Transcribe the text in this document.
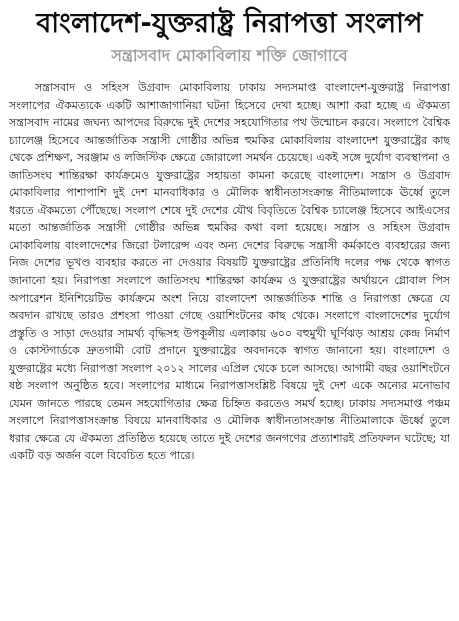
বাংলাদেশ-যুক্তরাষ্ট্র নিরাপত্তা সংলাপ
সন্ত্রাসবাদ মোকাবিলায় শক্তি জোগাবে

সন্ত্রাসবাদ ও সহিংস উগ্রবাদ মোকাবিলায় ঢাকায় সদ্যসমাপ্ত বাংলাদেশ-যুক্তরাষ্ট্র নিরাপত্তা সংলাপের ঐকমত্যকে একটি আশাজাগানিয়া ঘটনা হিসেবে দেখা হচ্ছে। আশা করা হচ্ছে এ ঐকমত্য সন্ত্রাসবাদ নামের জঘন্য আপদের বিরুদ্ধে দুই দেশের সহযোগিতার পথ উন্মোচন করবে। সংলাপে বৈশ্বিক চ্যালেঞ্জ হিসেবে আন্তর্জাতিক সন্ত্রাসী গোষ্ঠীর অভিন্ন হুমকির মোকাবিলায় বাংলাদেশ যুক্তরাষ্ট্রের কাছ থেকে প্রশিক্ষণ, সরঞ্জাম ও লজিস্টিক ক্ষেত্রে জোরালো সমর্থন চেয়েছে। একই সঙ্গে দুর্যোগ ব্যবস্থাপনা ও জাতিসংঘ শান্তিরক্ষা কার্যক্রমেও যুক্তরাষ্ট্রের সহায়তা কামনা করেছে বাংলাদেশ। সন্ত্রাস ও উগ্রবাদ মোকাবিলার পাশাপাশি দুই দেশ মানবাধিকার ও মৌলিক স্বাধীনতাসংক্রান্ত নীতিমালাকে ঊর্ধ্বে তুলে ধরতে ঐকমত্যে পৌঁছেছে। সংলাপ শেষে দুই দেশের যৌথ বিবৃতিতে বৈশ্বিক চ্যালেঞ্জ হিসেবে আইএসের মতো আন্তর্জাতিক সন্ত্রাসী গোষ্ঠীর অভিন্ন হুমকির কথা বলা হয়েছে। সন্ত্রাস ও সহিংস উগ্রবাদ মোকাবিলায় বাংলাদেশের জিরো টলারেন্স এবং অন্য দেশের বিরুদ্ধে সন্ত্রাসী কর্মকাণ্ডে ব্যবহারের জন্য নিজ দেশের ভূখণ্ড ব্যবহার করতে না দেওয়ার বিষয়টি যুক্তরাষ্ট্রের প্রতিনিধি দলের পক্ষ থেকে স্বাগত জানানো হয়। নিরাপত্তা সংলাপে জাতিসংঘ শান্তিরক্ষা কার্যক্রম ও যুক্তরাষ্ট্রের অর্থায়নে গ্লোবাল পিস অপারেশন ইনিশিয়েটিভ কার্যক্রমে অংশ নিয়ে বাংলাদেশ আন্তর্জাতিক শান্তি ও নিরাপত্তা ক্ষেত্রে যে অবদান রাখছে তারও প্রশংসা পাওয়া গেছে ওয়াশিংটনের কাছ থেকে। সংলাপে বাংলাদেশের দুর্যোগ প্রস্তুতি ও সাড়া দেওয়ার সামর্থ্য বৃদ্ধিসহ উপকূলীয় এলাকায় ৬০০ বহুমুখী ঘূর্ণিঝড় আশ্রয় কেন্দ্র নির্মাণ ও কোস্টগার্ডকে দ্রুতগামী বোট প্রদানে যুক্তরাষ্ট্রের অবদানকে স্বাগত জানানো হয়। বাংলাদেশ ও যুক্তরাষ্ট্রের মধ্যে নিরাপত্তা সংলাপ ২০১২ সালের এপ্রিল থেকে চলে আসছে। আগামী বছর ওয়াশিংটনে ষষ্ঠ সংলাপ অনুষ্ঠিত হবে। সংলাপের মাধ্যমে নিরাপত্তাসংশ্লিষ্ট বিষয়ে দুই দেশ একে অন্যের মনোভাব যেমন জানতে পারছে তেমন সহযোগিতার ক্ষেত্র চিহ্নিত করতেও সমর্থ হচ্ছে। ঢাকায় সদ্যসমাপ্ত পঞ্চম সংলাপে নিরাপত্তাসংক্রান্ত বিষয়ে মানবাধিকার ও মৌলিক স্বাধীনতাসংক্রান্ত নীতিমালাকে ঊর্ধ্বে তুলে ধরার ক্ষেত্রে যে ঐকমত্য প্রতিষ্ঠিত হয়েছে তাতে দুই দেশের জনগণের প্রত্যাশারই প্রতিফলন ঘটেছে; যা একটি বড় অর্জন বলে বিবেচিত হতে পারে।
